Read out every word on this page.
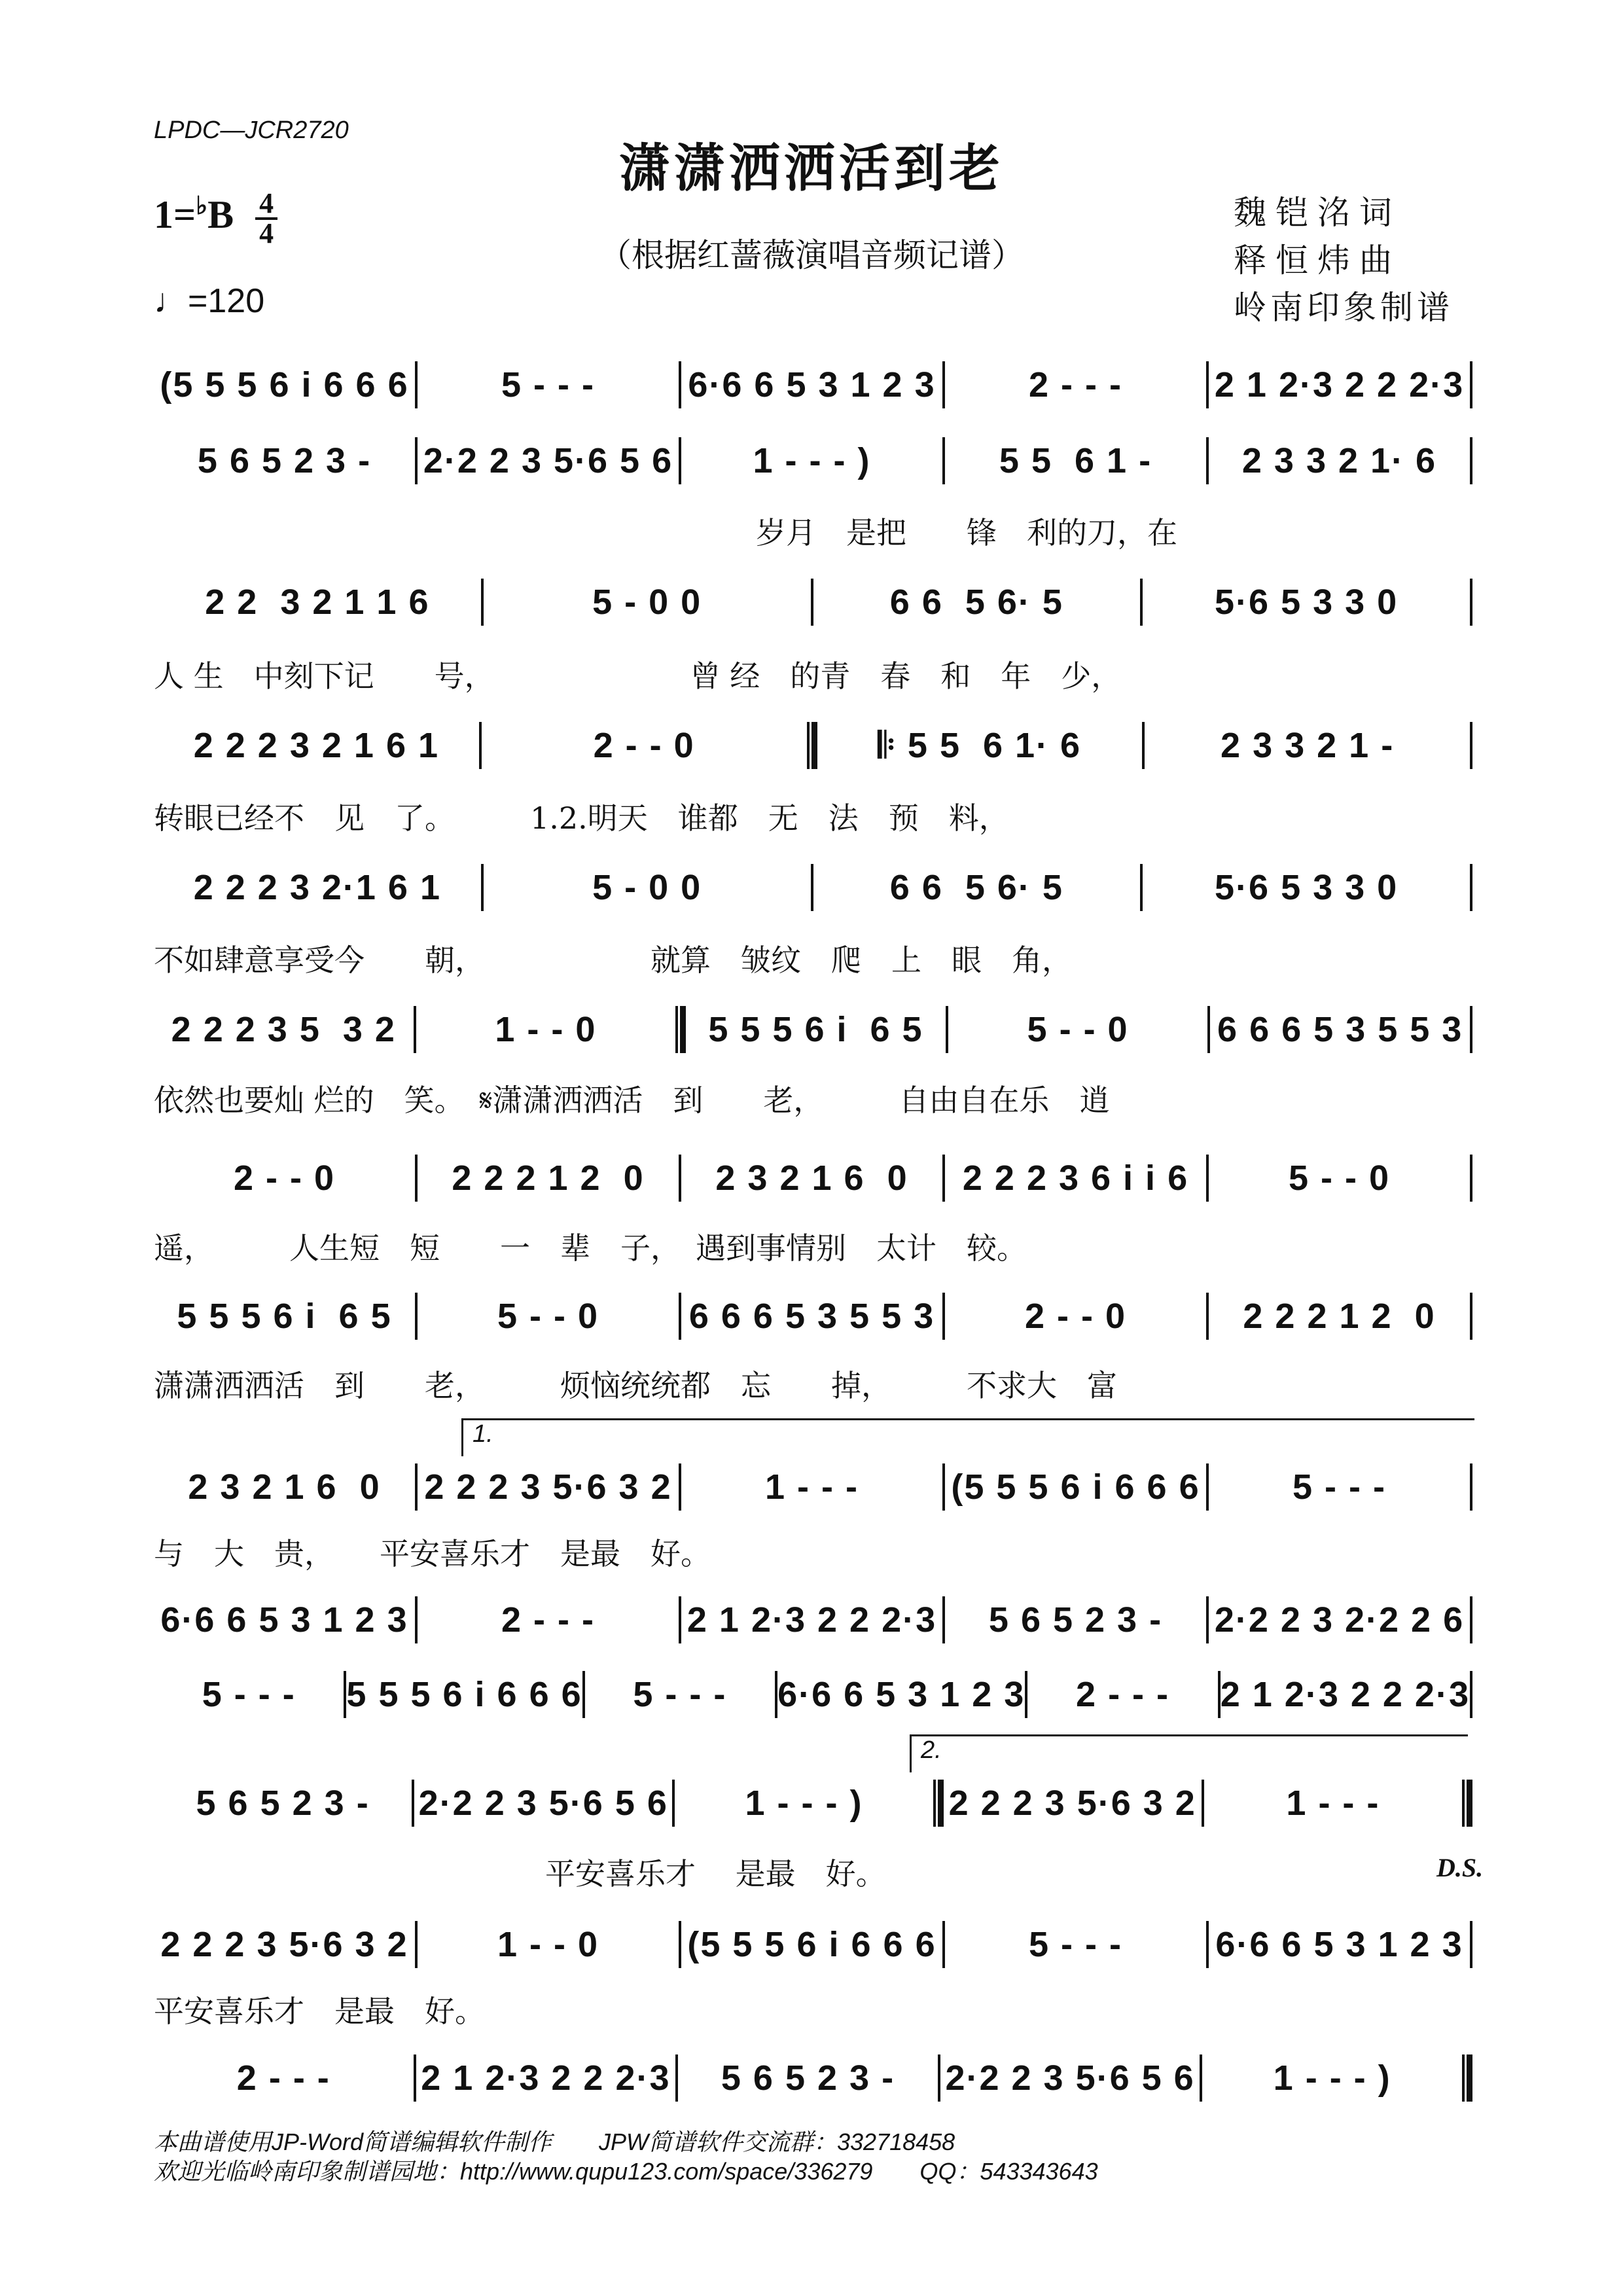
LPDC—JCR2720
潇潇洒洒活到老
（根据红蔷薇演唱音频记谱）
$1=^♭B \frac{4}{4}$
♩=120
魏铠洺词
释恒炜曲
岭南印象制谱
(5 5 5 6 i 6 6 6	5 - - -	6·6 6 5 3 1 2 3	2 - - -	2 1 2·3 2 2 2·3
5 6 5 2 3 -	2·2 2 3 5·6 5 6	1 - - - )	5 5  6 1 -	2 3 3 2 1· 6
　　　　　　　　　　　　　　　　　　　　岁月　是把　　锋　利的刀，在
2 2  3 2 1 1 6	5 - 0 0	6 6  5 6· 5	5·6 5 3 3 0
人 生　中刻下记　　号，　　　　　　　曾 经　的青　春　和　年　少，
2 2 2 3 2 1 6 1	2 - - 0	𝄆 5 5  6 1· 6	2 3 3 2 1 -
转眼已经不　见　了。　　　1.2.明天　谁都　无　法　预　料，
2 2 2 3 2·1 6 1	5 - 0 0	6 6  5 6· 5	5·6 5 3 3 0
不如肆意享受今　　朝，　　　　　　就算　皱纹　爬　上　眼　角，
2 2 2 3 5  3 2	1 - - 0	5 5 5 6 i  6 5	5 - - 0	6 6 6 5 3 5 5 3
依然也要灿 烂的　笑。　𝄋潇潇洒洒活　到　　老，　　　自由自在乐　逍
2 - - 0	2 2 2 1 2  0	2 3 2 1 6  0	2 2 2 3 6 i i 6	5 - - 0
遥，　　　人生短　短　　一　辈　子，　遇到事情别　太计　较。
5 5 5 6 i  6 5	5 - - 0	6 6 6 5 3 5 5 3	2 - - 0	2 2 2 1 2  0
潇潇洒洒活　到　　老，　　　烦恼统统都　忘　　掉，　　　不求大　富
2 3 2 1 6  0	2 2 2 3 5·6 3 2	1 - - -	(5 5 5 6 i 6 6 6	5 - - -
与　大　贵，　　平安喜乐才　是最　好。
6·6 6 5 3 1 2 3	2 - - -	2 1 2·3 2 2 2·3	5 6 5 2 3 -	2·2 2 3 2·2 2 6
5 - - -	5 5 5 6 i 6 6 6	5 - - -	6·6 6 5 3 1 2 3	2 - - -	2 1 2·3 2 2 2·3
5 6 5 2 3 -	2·2 2 3 5·6 5 6	1 - - - )	2 2 2 3 5·6 3 2	1 - - -
　　　　　　　　　　　　　平安喜乐才　 是最　好。
2 2 2 3 5·6 3 2	1 - - 0	(5 5 5 6 i 6 6 6	5 - - -	6·6 6 5 3 1 2 3
平安喜乐才　是最　好。
2 - - -	2 1 2·3 2 2 2·3	5 6 5 2 3 -	2·2 2 3 5·6 5 6	1 - - - )
1.
2.
D.S.
本曲谱使用JP-Word简谱编辑软件制作　　JPW简谱软件交流群：332718458
欢迎光临岭南印象制谱园地：http://www.qupu123.com/space/336279　　QQ：543343643
